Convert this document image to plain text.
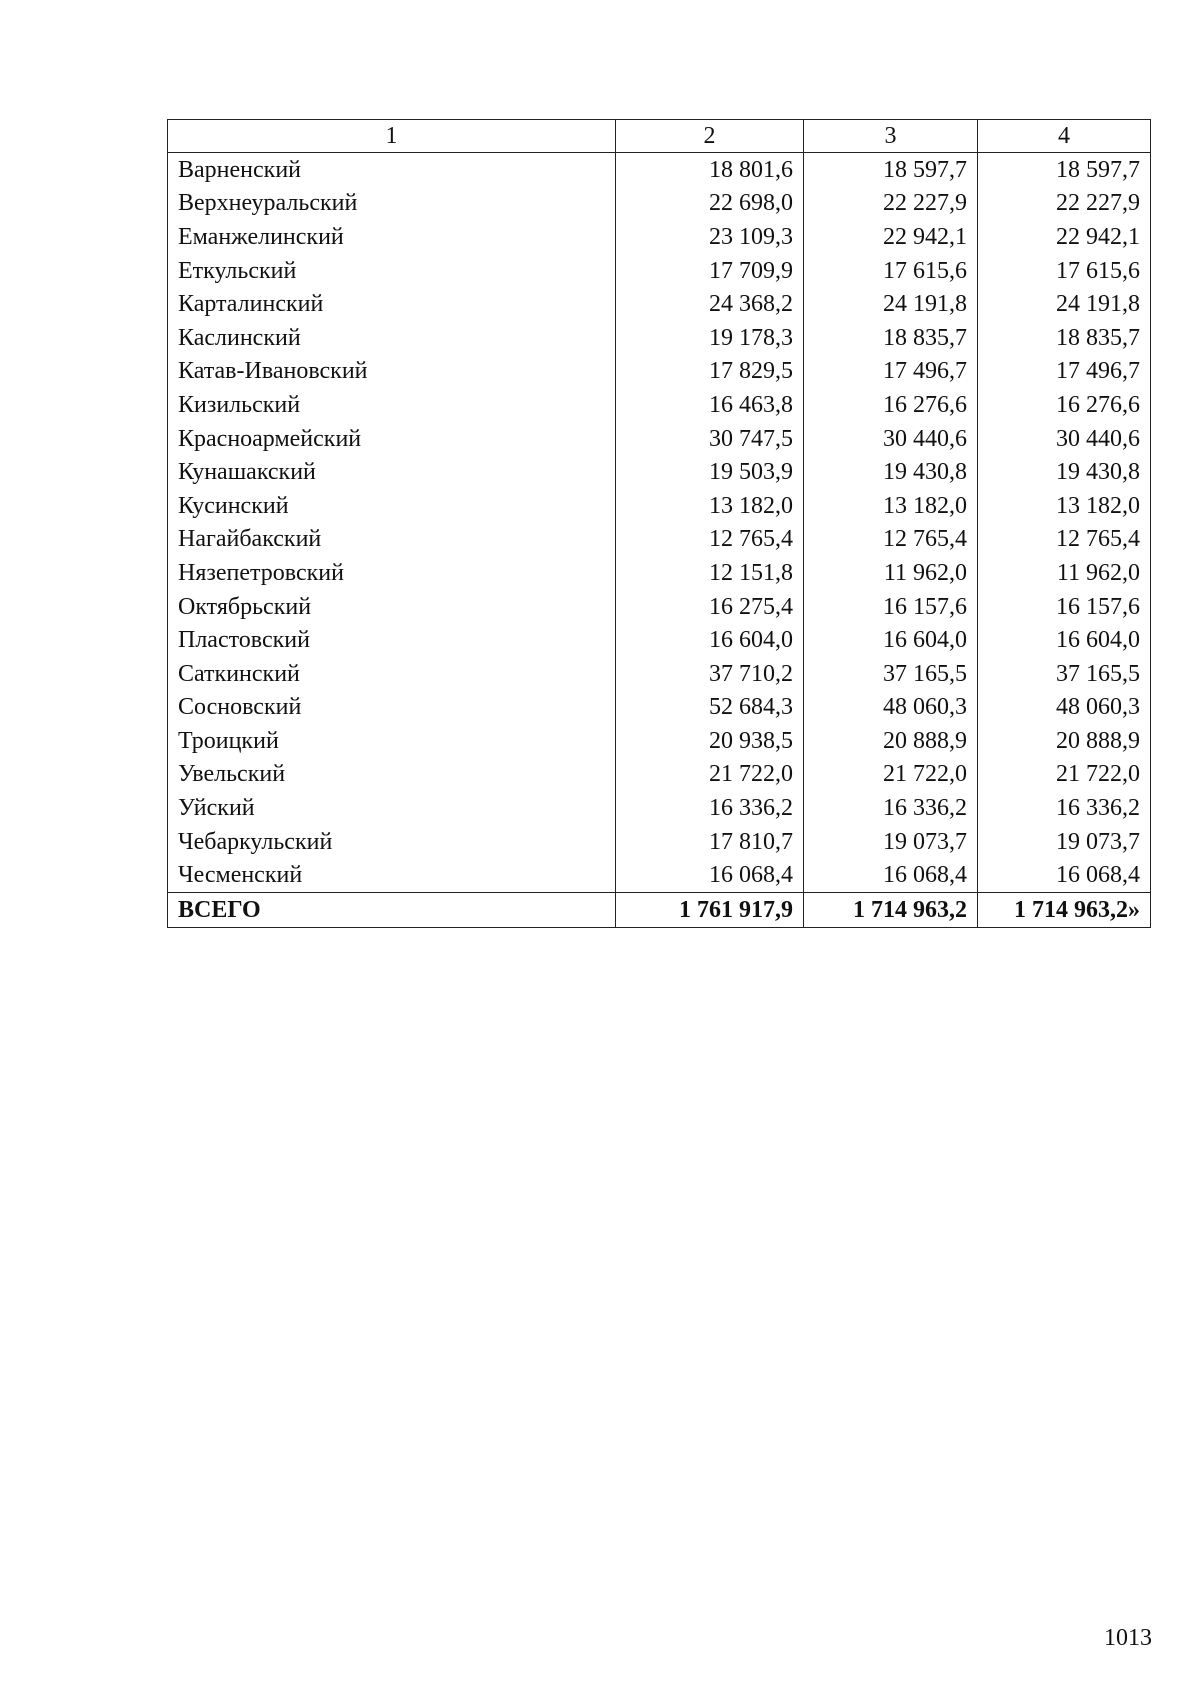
1	2	3	4
Варненский	18 801,6	18 597,7	18 597,7
Верхнеуральский	22 698,0	22 227,9	22 227,9
Еманжелинский	23 109,3	22 942,1	22 942,1
Еткульский	17 709,9	17 615,6	17 615,6
Карталинский	24 368,2	24 191,8	24 191,8
Каслинский	19 178,3	18 835,7	18 835,7
Катав-Ивановский	17 829,5	17 496,7	17 496,7
Кизильский	16 463,8	16 276,6	16 276,6
Красноармейский	30 747,5	30 440,6	30 440,6
Кунашакский	19 503,9	19 430,8	19 430,8
Кусинский	13 182,0	13 182,0	13 182,0
Нагайбакский	12 765,4	12 765,4	12 765,4
Нязепетровский	12 151,8	11 962,0	11 962,0
Октябрьский	16 275,4	16 157,6	16 157,6
Пластовский	16 604,0	16 604,0	16 604,0
Саткинский	37 710,2	37 165,5	37 165,5
Сосновский	52 684,3	48 060,3	48 060,3
Троицкий	20 938,5	20 888,9	20 888,9
Увельский	21 722,0	21 722,0	21 722,0
Уйский	16 336,2	16 336,2	16 336,2
Чебаркульский	17 810,7	19 073,7	19 073,7
Чесменский	16 068,4	16 068,4	16 068,4
ВСЕГО	1 761 917,9	1 714 963,2	1 714 963,2»
1013
